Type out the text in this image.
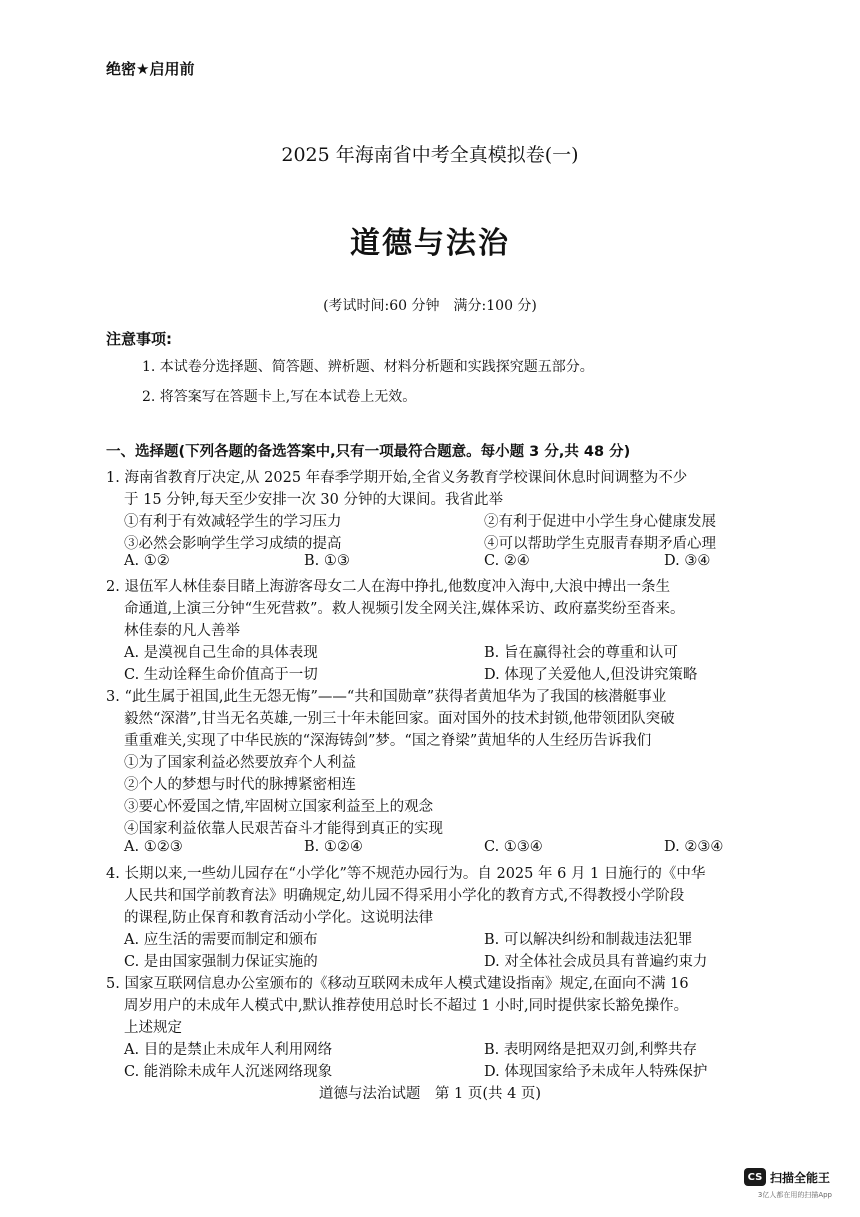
绝密★启用前
2025 年海南省中考全真模拟卷(一)
道德与法治
(考试时间:60 分钟　满分:100 分)
注意事项:
1. 本试卷分选择题、简答题、辨析题、材料分析题和实践探究题五部分。
2. 将答案写在答题卡上,写在本试卷上无效。
一、选择题(下列各题的备选答案中,只有一项最符合题意。每小题 3 分,共 48 分)
1. 海南省教育厅决定,从 2025 年春季学期开始,全省义务教育学校课间休息时间调整为不少
于 15 分钟,每天至少安排一次 30 分钟的大课间。我省此举
①有利于有效减轻学生的学习压力	②有利于促进中小学生身心健康发展
③必然会影响学生学习成绩的提高	④可以帮助学生克服青春期矛盾心理
A. ①②	B. ①③	C. ②④	D. ③④
2. 退伍军人林佳泰目睹上海游客母女二人在海中挣扎,他数度冲入海中,大浪中搏出一条生
命通道,上演三分钟“生死营救”。救人视频引发全网关注,媒体采访、政府嘉奖纷至沓来。
林佳泰的凡人善举
A. 是漠视自己生命的具体表现	B. 旨在赢得社会的尊重和认可
C. 生动诠释生命价值高于一切	D. 体现了关爱他人,但没讲究策略
3. “此生属于祖国,此生无怨无悔”——“共和国勋章”获得者黄旭华为了我国的核潜艇事业
毅然“深潜”,甘当无名英雄,一别三十年未能回家。面对国外的技术封锁,他带领团队突破
重重难关,实现了中华民族的“深海铸剑”梦。“国之脊梁”黄旭华的人生经历告诉我们
①为了国家利益必然要放弃个人利益
②个人的梦想与时代的脉搏紧密相连
③要心怀爱国之情,牢固树立国家利益至上的观念
④国家利益依靠人民艰苦奋斗才能得到真正的实现
A. ①②③	B. ①②④	C. ①③④	D. ②③④
4. 长期以来,一些幼儿园存在“小学化”等不规范办园行为。自 2025 年 6 月 1 日施行的《中华
人民共和国学前教育法》明确规定,幼儿园不得采用小学化的教育方式,不得教授小学阶段
的课程,防止保育和教育活动小学化。这说明法律
A. 应生活的需要而制定和颁布	B. 可以解决纠纷和制裁违法犯罪
C. 是由国家强制力保证实施的	D. 对全体社会成员具有普遍约束力
5. 国家互联网信息办公室颁布的《移动互联网未成年人模式建设指南》规定,在面向不满 16
周岁用户的未成年人模式中,默认推荐使用总时长不超过 1 小时,同时提供家长豁免操作。
上述规定
A. 目的是禁止未成年人利用网络	B. 表明网络是把双刃剑,利弊共存
C. 能消除未成年人沉迷网络现象	D. 体现国家给予未成年人特殊保护
道德与法治试题　第 1 页(共 4 页)
CS 扫描全能王
3亿人都在用的扫描App
